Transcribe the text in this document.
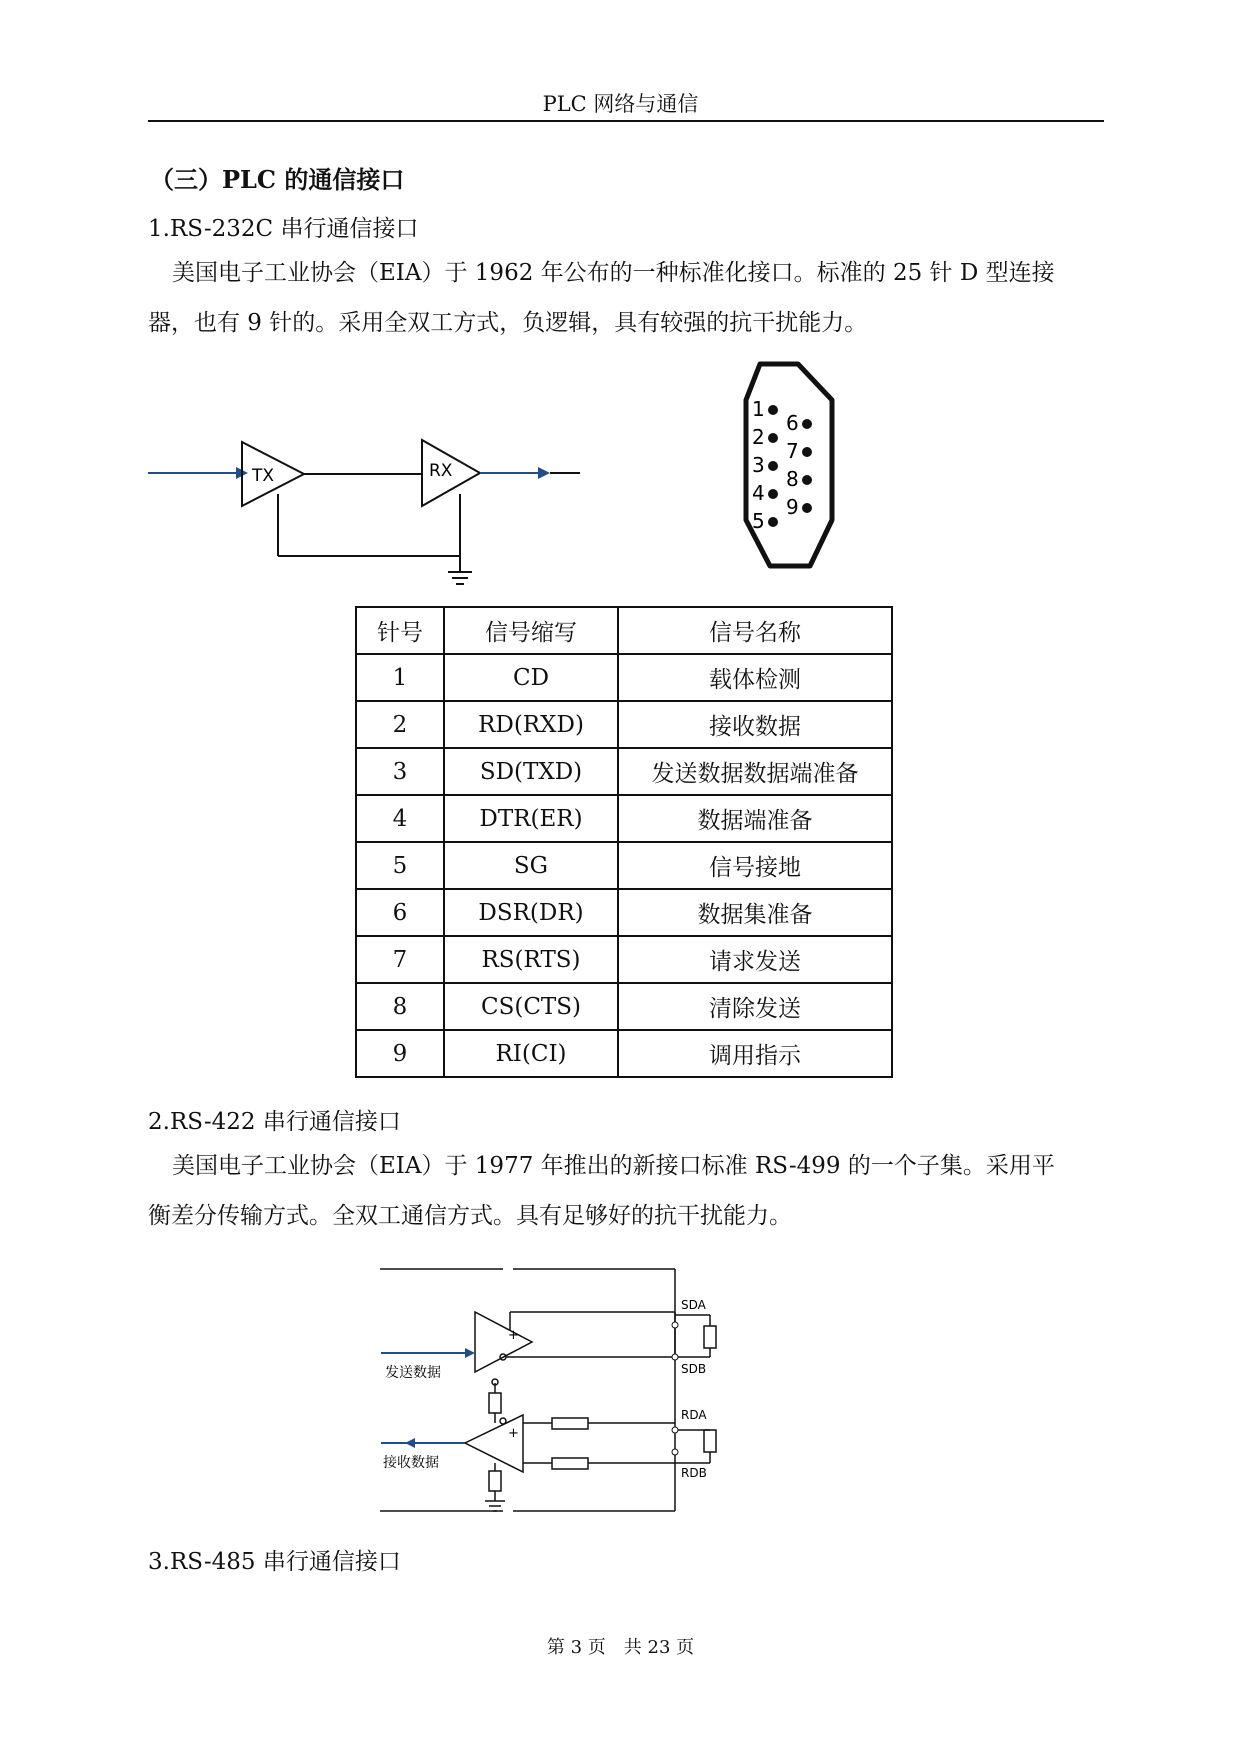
PLC 网络与通信
（三）PLC 的通信接口
1.RS-232C 串行通信接口
美国电子工业协会（EIA）于 1962 年公布的一种标准化接口。标准的 25 针 D 型连接
器，也有 9 针的。采用全双工方式，负逻辑，具有较强的抗干扰能力。
TX	RX
1
2
3
4
5
6
7
8
9
针号	信号缩写	信号名称
1	CD	载体检测
2	RD(RXD)	接收数据
3	SD(TXD)	发送数据数据端准备
4	DTR(ER)	数据端准备
5	SG	信号接地
6	DSR(DR)	数据集准备
7	RS(RTS)	请求发送
8	CS(CTS)	清除发送
9	RI(CI)	调用指示
2.RS-422 串行通信接口
美国电子工业协会（EIA）于 1977 年推出的新接口标准 RS-499 的一个子集。采用平
衡差分传输方式。全双工通信方式。具有足够好的抗干扰能力。
发送数据
接收数据
SDA
SDB
RDA
RDB
+
+
3.RS-485 串行通信接口
第 3 页　共 23 页
